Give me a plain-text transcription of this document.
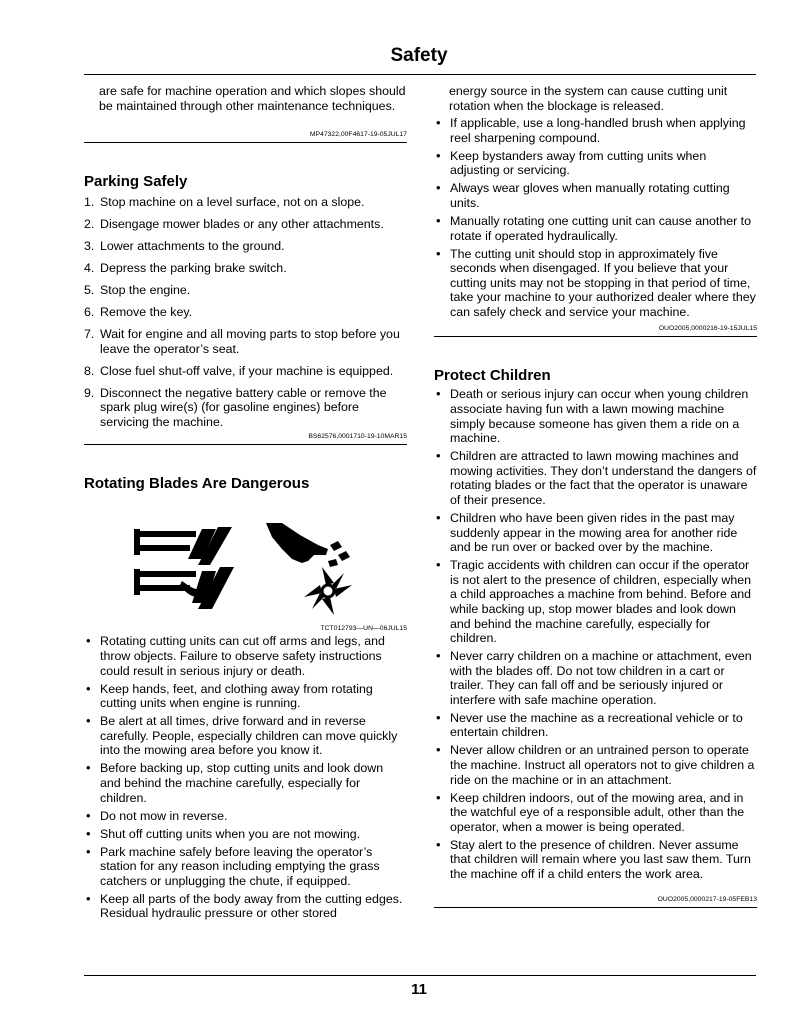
Safety

are safe for machine operation and which slopes should be maintained through other maintenance techniques.

MP47322,00F4617-19-05JUL17
Parking Safely
1. Stop machine on a level surface, not on a slope.
2. Disengage mower blades or any other attachments.
3. Lower attachments to the ground.
4. Depress the parking brake switch.
5. Stop the engine.
6. Remove the key.
7. Wait for engine and all moving parts to stop before you leave the operator’s seat.
8. Close fuel shut-off valve, if your machine is equipped.
9. Disconnect the negative battery cable or remove the spark plug wire(s) (for gasoline engines) before servicing the machine.
BS62576,0001710-19-10MAR15
Rotating Blades Are Dangerous
TCT012793—UN—06JUL15
• Rotating cutting units can cut off arms and legs, and throw objects. Failure to observe safety instructions could result in serious injury or death.
• Keep hands, feet, and clothing away from rotating cutting units when engine is running.
• Be alert at all times, drive forward and in reverse carefully. People, especially children can move quickly into the mowing area before you know it.
• Before backing up, stop cutting units and look down and behind the machine carefully, especially for children.
• Do not mow in reverse.
• Shut off cutting units when you are not mowing.
• Park machine safely before leaving the operator’s station for any reason including emptying the grass catchers or unplugging the chute, if equipped.
• Keep all parts of the body away from the cutting edges. Residual hydraulic pressure or other stored

energy source in the system can cause cutting unit rotation when the blockage is released.

• If applicable, use a long-handled brush when applying reel sharpening compound.
• Keep bystanders away from cutting units when adjusting or servicing.
• Always wear gloves when manually rotating cutting units.
• Manually rotating one cutting unit can cause another to rotate if operated hydraulically.
• The cutting unit should stop in approximately five seconds when disengaged. If you believe that your cutting units may not be stopping in that period of time, take your machine to your authorized dealer where they can safely check and service your machine.
OUO2005,0000216-19-15JUL15
Protect Children
• Death or serious injury can occur when young children associate having fun with a lawn mowing machine simply because someone has given them a ride on a machine.
• Children are attracted to lawn mowing machines and mowing activities. They don’t understand the dangers of rotating blades or the fact that the operator is unaware of their presence.
• Children who have been given rides in the past may suddenly appear in the mowing area for another ride and be run over or backed over by the machine.
• Tragic accidents with children can occur if the operator is not alert to the presence of children, especially when a child approaches a machine from behind. Before and while backing up, stop mower blades and look down and behind the machine carefully, especially for children.
• Never carry children on a machine or attachment, even with the blades off. Do not tow children in a cart or trailer. They can fall off and be seriously injured or interfere with safe machine operation.
• Never use the machine as a recreational vehicle or to entertain children.
• Never allow children or an untrained person to operate the machine. Instruct all operators not to give children a ride on the machine or in an attachment.
• Keep children indoors, out of the mowing area, and in the watchful eye of a responsible adult, other than the operator, when a mower is being operated.
• Stay alert to the presence of children. Never assume that children will remain where you last saw them. Turn the machine off if a child enters the work area.
OUO2005,0000217-19-05FEB13
11
